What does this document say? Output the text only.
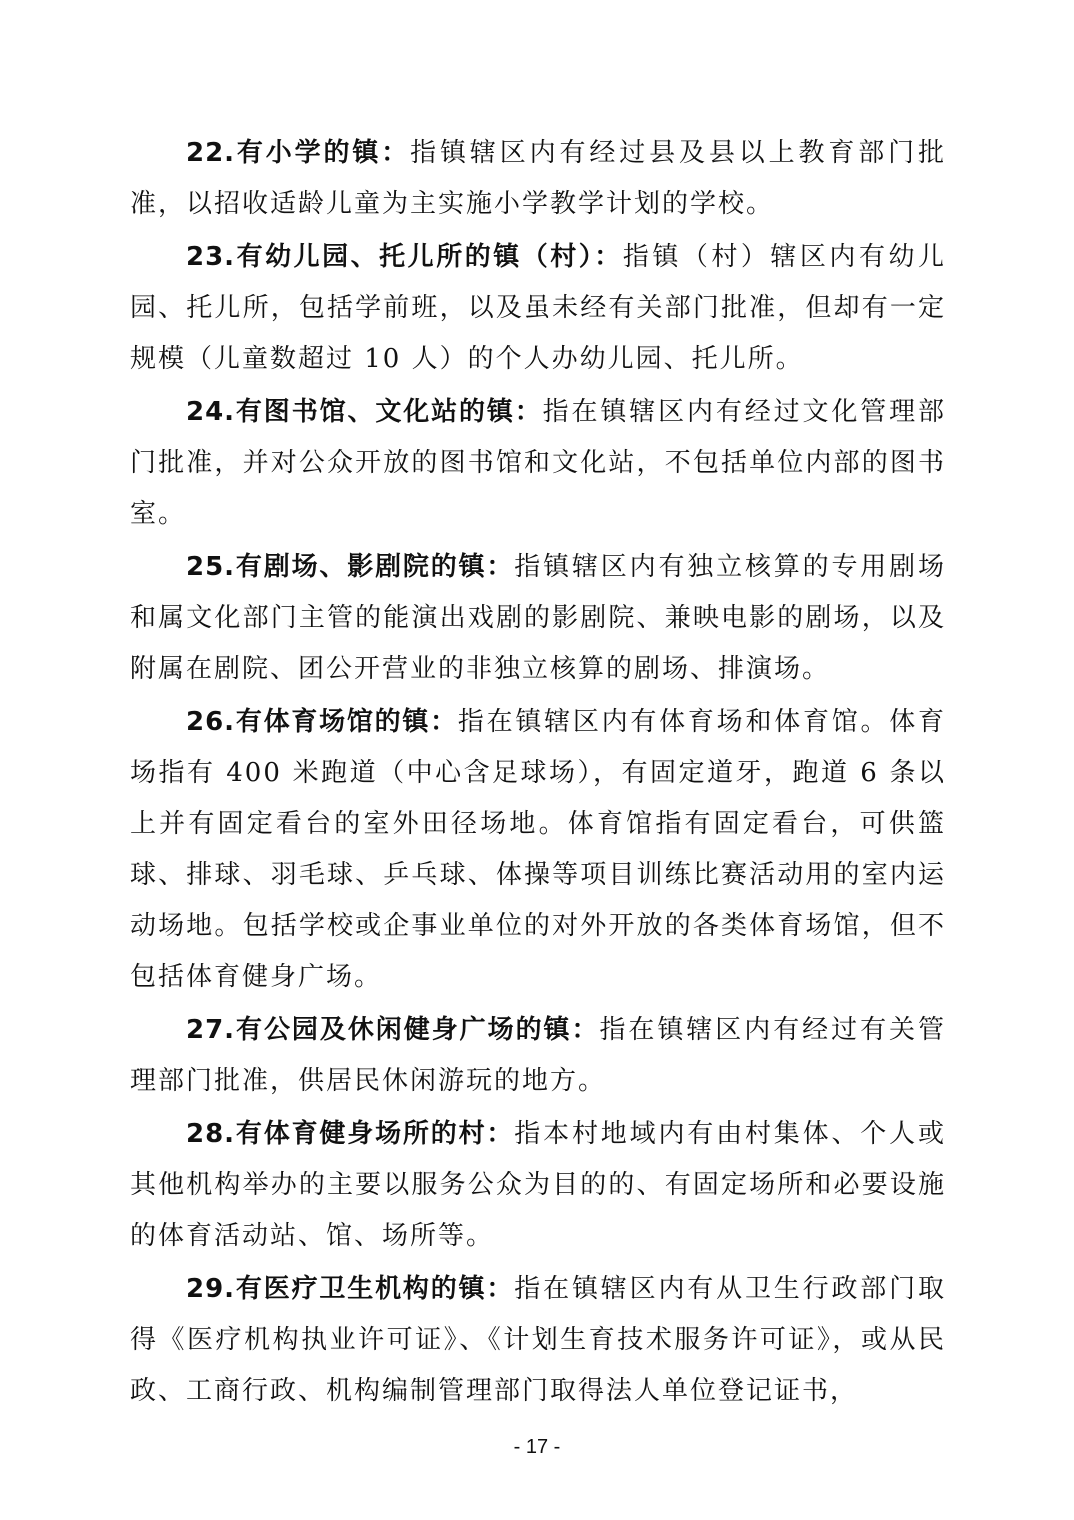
22.有小学的镇：指镇辖区内有经过县及县以上教育部门批准，以招收适龄儿童为主实施小学教学计划的学校。

23.有幼儿园、托儿所的镇（村）：指镇（村）辖区内有幼儿园、托儿所，包括学前班，以及虽未经有关部门批准，但却有一定规模（儿童数超过 10 人）的个人办幼儿园、托儿所。

24.有图书馆、文化站的镇：指在镇辖区内有经过文化管理部门批准，并对公众开放的图书馆和文化站，不包括单位内部的图书室。

25.有剧场、影剧院的镇：指镇辖区内有独立核算的专用剧场和属文化部门主管的能演出戏剧的影剧院、兼映电影的剧场，以及附属在剧院、团公开营业的非独立核算的剧场、排演场。

26.有体育场馆的镇：指在镇辖区内有体育场和体育馆。体育场指有 400 米跑道（中心含足球场），有固定道牙，跑道 6 条以上并有固定看台的室外田径场地。体育馆指有固定看台，可供篮球、排球、羽毛球、乒乓球、体操等项目训练比赛活动用的室内运动场地。包括学校或企事业单位的对外开放的各类体育场馆，但不包括体育健身广场。

27.有公园及休闲健身广场的镇：指在镇辖区内有经过有关管理部门批准，供居民休闲游玩的地方。

28.有体育健身场所的村：指本村地域内有由村集体、个人或其他机构举办的主要以服务公众为目的的、有固定场所和必要设施的体育活动站、馆、场所等。

29.有医疗卫生机构的镇：指在镇辖区内有从卫生行政部门取得《医疗机构执业许可证》、《计划生育技术服务许可证》，或从民政、工商行政、机构编制管理部门取得法人单位登记证书，

- 17 -
